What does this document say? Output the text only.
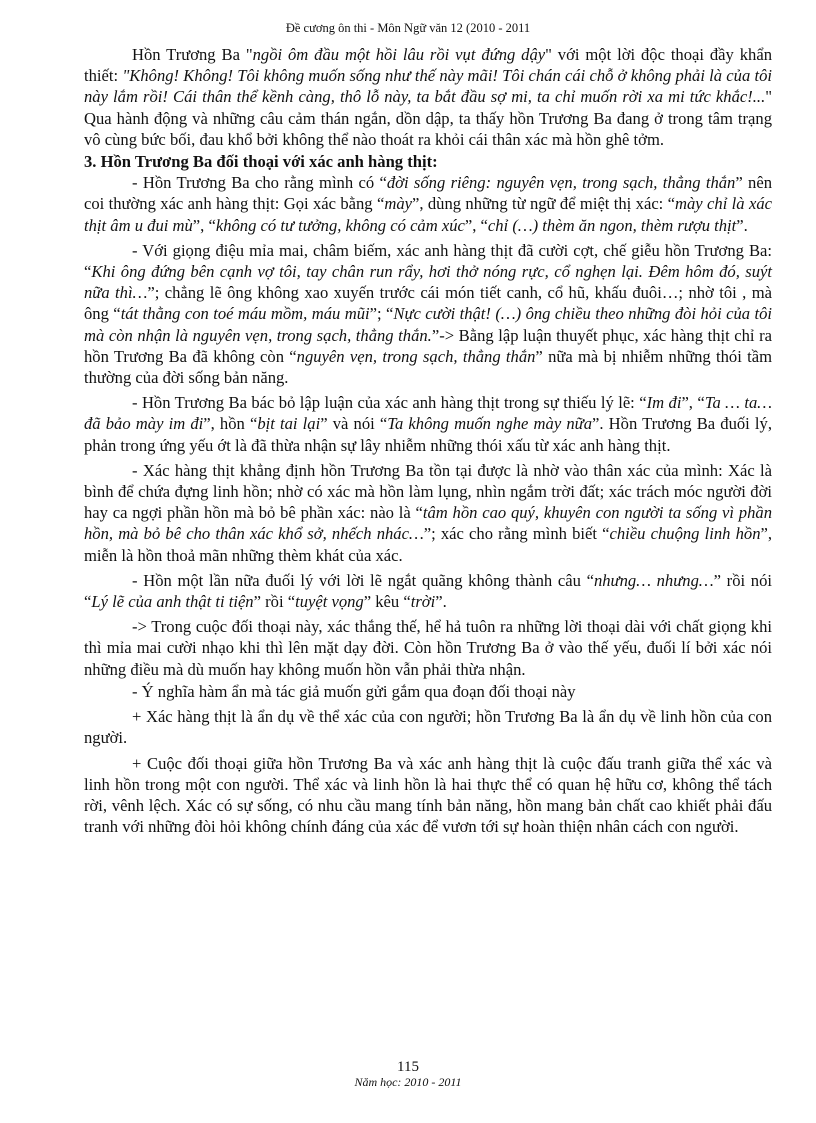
Đề cương ôn thi - Môn Ngữ văn 12 (2010 - 2011

Hồn Trương Ba "ngồi ôm đầu một hồi lâu rồi vụt đứng dậy" với một lời độc thoại đầy khẩn thiết: "Không! Không! Tôi không muốn sống như thế này mãi! Tôi chán cái chỗ ở không phải là của tôi này lắm rồi! Cái thân thể kềnh càng, thô lỗ này, ta bắt đầu sợ mi, ta chỉ muốn rời xa mi tức khắc!..." Qua hành động và những câu cảm thán ngắn, dồn dập, ta thấy hồn Trương Ba đang ở trong tâm trạng vô cùng bức bối, đau khổ bởi không thể nào thoát ra khỏi cái thân xác mà hồn ghê tởm.

3. Hồn Trương Ba đối thoại với xác anh hàng thịt:

- Hồn Trương Ba cho rằng mình có “đời sống riêng: nguyên vẹn, trong sạch, thẳng thắn” nên coi thường xác anh hàng thịt: Gọi xác bằng “mày”, dùng những từ ngữ để miệt thị xác: “mày chỉ là xác thịt âm u đui mù”, “không có tư tưởng, không có cảm xúc”, “chỉ (…) thèm ăn ngon, thèm rượu thịt”.

- Với giọng điệu mỉa mai, châm biếm, xác anh hàng thịt đã cười cợt, chế giễu hồn Trương Ba: “Khi ông đứng bên cạnh vợ tôi, tay chân run rẩy, hơi thở nóng rực, cổ nghẹn lại. Đêm hôm đó, suýt nữa thì…”; chẳng lẽ ông không xao xuyến trước cái món tiết canh, cổ hũ, khấu đuôi…; nhờ tôi , mà ông “tát thằng con toé máu mồm, máu mũi”; “Nực cười thật! (…) ông chiều theo những đòi hỏi của tôi mà còn nhận là nguyên vẹn, trong sạch, thẳng thắn.”-> Bằng lập luận thuyết phục, xác hàng thịt chỉ ra hồn Trương Ba đã không còn “nguyên vẹn, trong sạch, thẳng thắn” nữa mà bị nhiễm những thói tầm thường của đời sống bản năng.

- Hồn Trương Ba bác bỏ lập luận của xác anh hàng thịt trong sự thiếu lý lẽ: “Im đi”, “Ta … ta… đã bảo mày im đi”, hồn “bịt tai lại” và nói “Ta không muốn nghe mày nữa”. Hồn Trương Ba đuối lý, phản trong ứng yếu ớt là đã thừa nhận sự lây nhiễm những thói xấu từ xác anh hàng thịt.

- Xác hàng thịt khẳng định hồn Trương Ba tồn tại được là nhờ vào thân xác của mình: Xác là bình để chứa đựng linh hồn; nhờ có xác mà hồn làm lụng, nhìn ngắm trời đất; xác trách móc người đời hay ca ngợi phần hồn mà bỏ bê phần xác: nào là “tâm hồn cao quý, khuyên con người ta sống vì phần hồn, mà bỏ bê cho thân xác khổ sở, nhếch nhác…”; xác cho rằng mình biết “chiều chuộng linh hồn”, miễn là hồn thoả mãn những thèm khát của xác.

- Hồn một lần nữa đuối lý với lời lẽ ngắt quãng không thành câu “nhưng… nhưng…” rồi nói “Lý lẽ của anh thật ti tiện” rồi “tuyệt vọng” kêu “trời”.

-> Trong cuộc đối thoại này, xác thắng thế, hể hả tuôn ra những lời thoại dài với chất giọng khi thì mỉa mai cười nhạo khi thì lên mặt dạy đời. Còn hồn Trương Ba ở vào thế yếu, đuối lí bởi xác nói những điều mà dù muốn hay không muốn hồn vẫn phải thừa nhận.

- Ý nghĩa hàm ẩn mà tác giả muốn gửi gắm qua đoạn đối thoại này

+ Xác hàng thịt là ẩn dụ về thể xác của con người; hồn Trương Ba là ẩn dụ về linh hồn của con người.

+ Cuộc đối thoại giữa hồn Trương Ba và xác anh hàng thịt là cuộc đấu tranh giữa thể xác và linh hồn trong một con người. Thể xác và linh hồn là hai thực thể có quan hệ hữu cơ, không thể tách rời, vênh lệch. Xác có sự sống, có nhu cầu mang tính bản năng, hồn mang bản chất cao khiết phải đấu tranh với những đòi hỏi không chính đáng của xác để vươn tới sự hoàn thiện nhân cách con người.

115
Năm học: 2010 - 2011
